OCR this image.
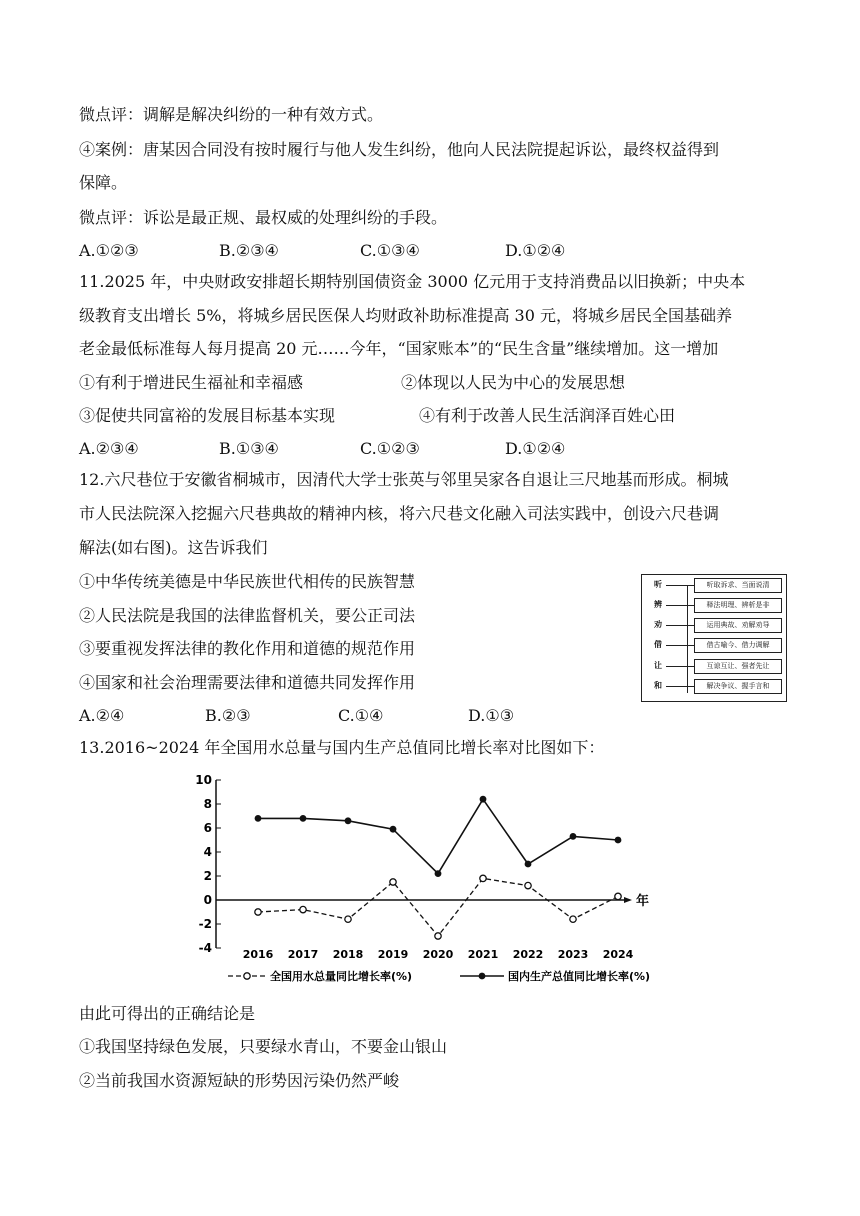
微点评：调解是解决纠纷的一种有效方式。
④案例：唐某因合同没有按时履行与他人发生纠纷，他向人民法院提起诉讼，最终权益得到
保障。
微点评：诉讼是最正规、最权威的处理纠纷的手段。
A.①②③	B.②③④	C.①③④	D.①②④
11.2025 年，中央财政安排超长期特别国债资金 3000 亿元用于支持消费品以旧换新；中央本
级教育支出增长 5%，将城乡居民医保人均财政补助标准提高 30 元，将城乡居民全国基础养
老金最低标准每人每月提高 20 元……今年，“国家账本”的“民生含量”继续增加。这一增加
①有利于增进民生福祉和幸福感	②体现以人民为中心的发展思想
③促使共同富裕的发展目标基本实现	④有利于改善人民生活润泽百姓心田
A.②③④	B.①③④	C.①②③	D.①②④
12.六尺巷位于安徽省桐城市，因清代大学士张英与邻里吴家各自退让三尺地基而形成。桐城
市人民法院深入挖掘六尺巷典故的精神内核，将六尺巷文化融入司法实践中，创设六尺巷调
解法(如右图)。这告诉我们
①中华传统美德是中华民族世代相传的民族智慧
②人民法院是我国的法律监督机关，要公正司法
③要重视发挥法律的教化作用和道德的规范作用
④国家和社会治理需要法律和道德共同发挥作用
A.②④	B.②③	C.①④	D.①③
听
辨
劝
借
让
和
听取诉求、当面说清
释法明理、辨析是非
运用典故、劝解劝导
借古喻今、借力调解
互谅互让、强者先让
解决争议、握手言和
13.2016~2024 年全国用水总量与国内生产总值同比增长率对比图如下：
年
-4
-2
0
2
4
6
8
10
2016 2017 2018 2019 2020 2021 2022 2023 2024
全国用水总量同比增长率(%)	国内生产总值同比增长率(%)
由此可得出的正确结论是
①我国坚持绿色发展，只要绿水青山，不要金山银山
②当前我国水资源短缺的形势因污染仍然严峻
